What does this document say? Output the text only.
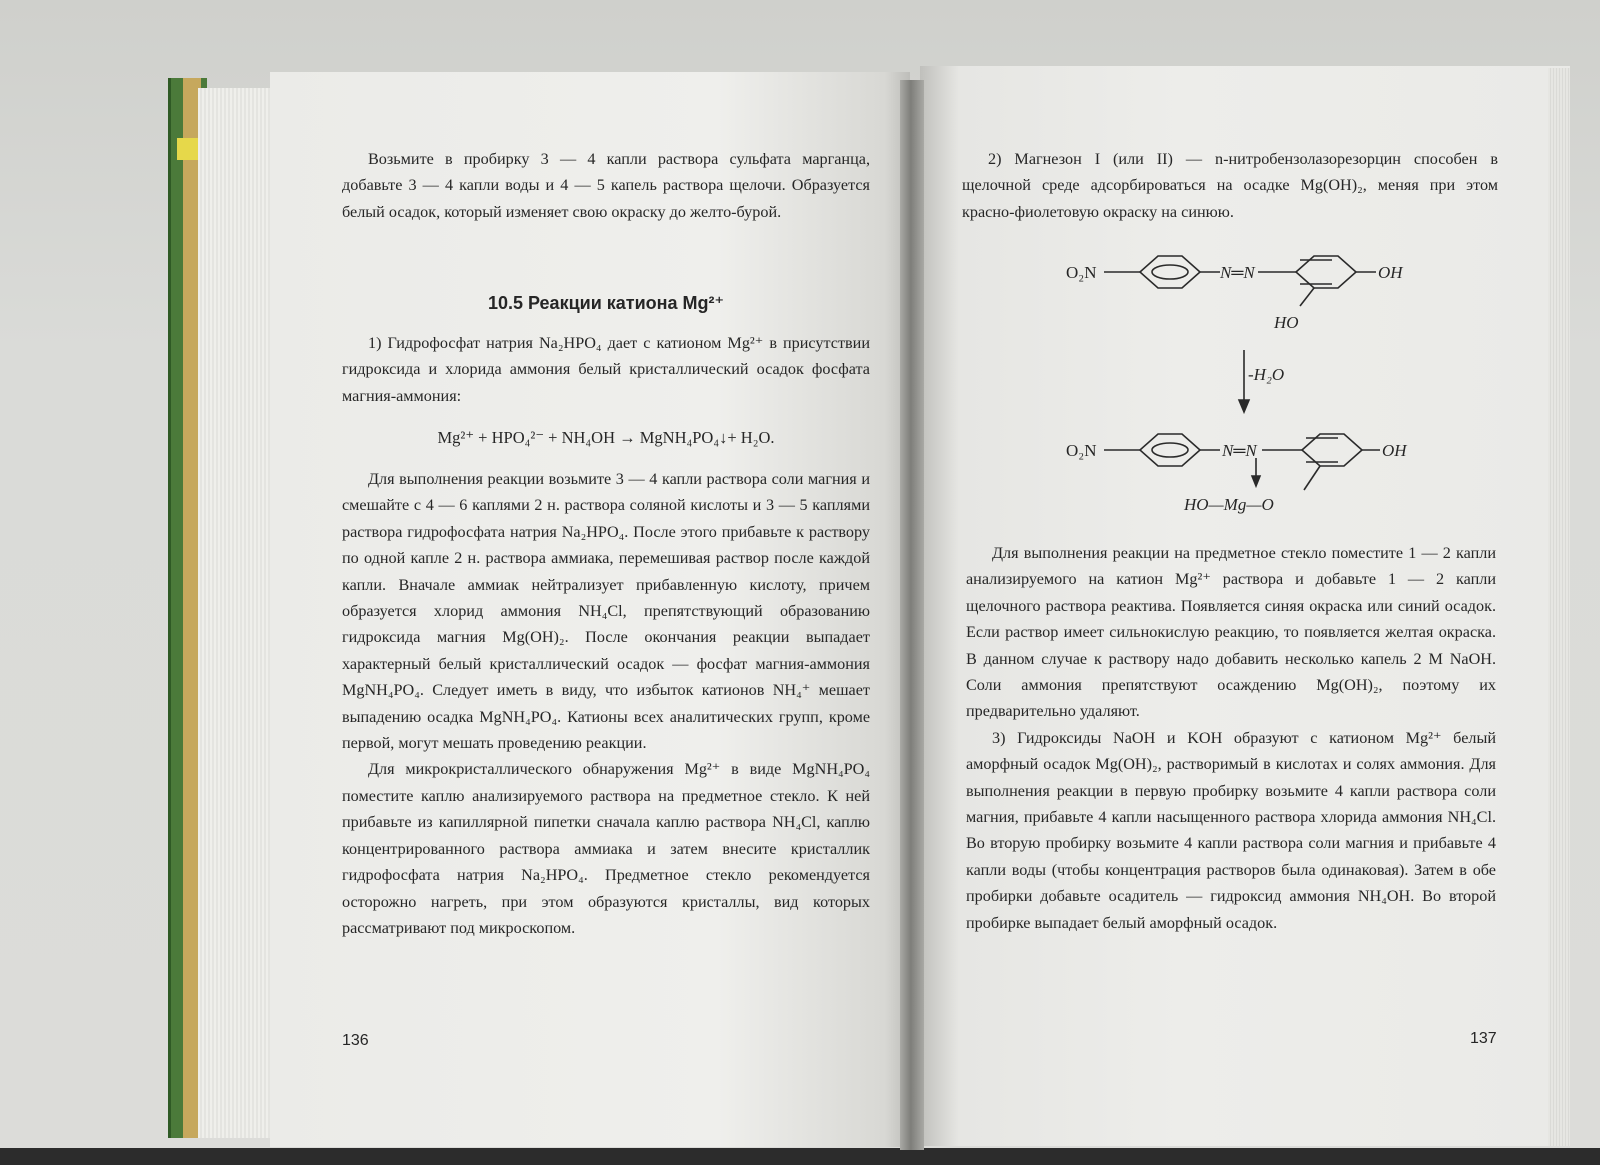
Возьмите в пробирку 3 — 4 капли раствора сульфата марганца, добавьте 3 — 4 капли воды и 4 — 5 капель раствора щелочи. Образуется белый осадок, который изменяет свою окраску до желто-бурой.

10.5 Реакции катиона Mg²⁺

1) Гидрофосфат натрия Na₂HPO₄ дает с катионом Mg²⁺ в присутствии гидроксида и хлорида аммония белый кристаллический осадок фосфата магния-аммония:

Mg²⁺ + HPO₄²⁻ + NH₄OH → MgNH₄PO₄↓+ H₂O.

Для выполнения реакции возьмите 3 — 4 капли раствора соли магния и смешайте с 4 — 6 каплями 2 н. раствора соляной кислоты и 3 — 5 каплями раствора гидрофосфата натрия Na₂HPO₄. После этого прибавьте к раствору по одной капле 2 н. раствора аммиака, перемешивая раствор после каждой капли. Вначале аммиак нейтрализует прибавленную кислоту, причем образуется хлорид аммония NH₄Cl, препятствующий образованию гидроксида магния Mg(OH)₂. После окончания реакции выпадает характерный белый кристаллический осадок — фосфат магния-аммония MgNH₄PO₄. Следует иметь в виду, что избыток катионов NH₄⁺ мешает выпадению осадка MgNH₄PO₄. Катионы всех аналитических групп, кроме первой, могут мешать проведению реакции.

Для микрокристаллического обнаружения Mg²⁺ в виде MgNH₄PO₄ поместите каплю анализируемого раствора на предметное стекло. К ней прибавьте из капиллярной пипетки сначала каплю раствора NH₄Cl, каплю концентрированного раствора аммиака и затем внесите кристаллик гидрофосфата натрия Na₂HPO₄. Предметное стекло рекомендуется осторожно нагреть, при этом образуются кристаллы, вид которых рассматривают под микроскопом.

136

2) Магнезон I (или II) — n-нитробензолазорезорцин способен в щелочной среде адсорбироваться на осадке Mg(OH)₂, меняя при этом красно-фиолетовую окраску на синюю.

O₂N	N═N	OH
HO
-H₂O
O₂N	N═N	OH
HO—Mg—O

Для выполнения реакции на предметное стекло поместите 1 — 2 капли анализируемого на катион Mg²⁺ раствора и добавьте 1 — 2 капли щелочного раствора реактива. Появляется синяя окраска или синий осадок. Если раствор имеет сильнокислую реакцию, то появляется желтая окраска. В данном случае к раствору надо добавить несколько капель 2 М NaOH. Соли аммония препятствуют осаждению Mg(OH)₂, поэтому их предварительно удаляют.

3) Гидроксиды NaOH и KOH образуют с катионом Mg²⁺ белый аморфный осадок Mg(OH)₂, растворимый в кислотах и солях аммония. Для выполнения реакции в первую пробирку возьмите 4 капли раствора соли магния, прибавьте 4 капли насыщенного раствора хлорида аммония NH₄Cl. Во вторую пробирку возьмите 4 капли раствора соли магния и прибавьте 4 капли воды (чтобы концентрация растворов была одинаковая). Затем в обе пробирки добавьте осадитель — гидроксид аммония NH₄OH. Во второй пробирке выпадает белый аморфный осадок.

137
